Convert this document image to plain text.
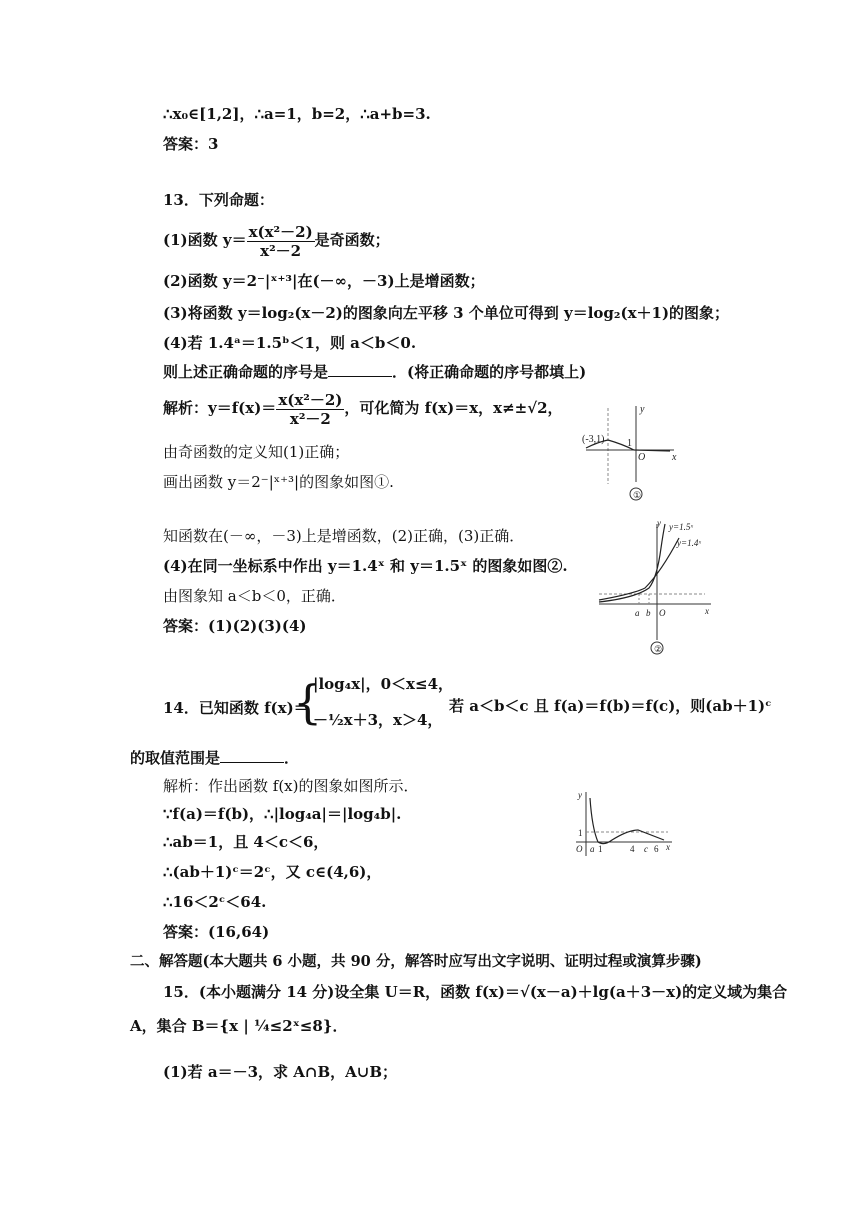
∴x₀∈[1,2]，∴a=1，b=2，∴a+b=3.
答案：3
13．下列命题：
(1)函数 $y= \frac{\text{x(x²－2)}}{\text{x²－2}}$ 是奇函数；
(2)函数 y＝2⁻|ˣ⁺³|在(－∞，－3)上是增函数；
(3)将函数 y＝log₂(x－2)的图象向左平移 3 个单位可得到 y＝log₂(x＋1)的图象；
(4)若 1.4ᵃ＝1.5ᵇ＜1，则 a＜b＜0.
则上述正确命题的序号是	．(将正确命题的序号都填上)
解析：$y=f(x)= \frac{\text{x(x²－2)}}{\text{x²－2}}$ ，可化简为 f(x)＝x，x≠±√2，
由奇函数的定义知(1)正确；
画出函数 y＝2⁻|ˣ⁺³|的图象如图①.
知函数在(－∞，－3)上是增函数，(2)正确，(3)正确．
(4)在同一坐标系中作出 y＝1.4ˣ 和 y＝1.5ˣ 的图象如图②.
由图象知 a＜b＜0，正确．
答案：(1)(2)(3)(4)
14．已知函数 f(x)＝
{
|log₄x|，0＜x≤4，
－½x＋3，x＞4，
若 a＜b＜c 且 f(a)＝f(b)＝f(c)，则(ab＋1)ᶜ
的取值范围是	．
解析：作出函数 f(x)的图象如图所示．
∵f(a)＝f(b)，∴|log₄a|＝|log₄b|.
∴ab＝1，且 4＜c＜6，
∴(ab＋1)ᶜ＝2ᶜ，又 c∈(4,6)，
∴16＜2ᶜ＜64.
答案：(16,64)
二、解答题(本大题共 6 小题，共 90 分，解答时应写出文字说明、证明过程或演算步骤)
15．(本小题满分 14 分)设全集 U＝R，函数 f(x)＝√(x－a)＋lg(a＋3－x)的定义域为集合
A，集合 B＝{x | ¼≤2ˣ≤8}．
(1)若 a＝－3，求 A∩B，A∪B；
(-3,1) 1
O	x
y
①
y y=1.5ˣ
y=1.4ˣ
a b O	x
②
y
1
O a 1	4 c 6 x
